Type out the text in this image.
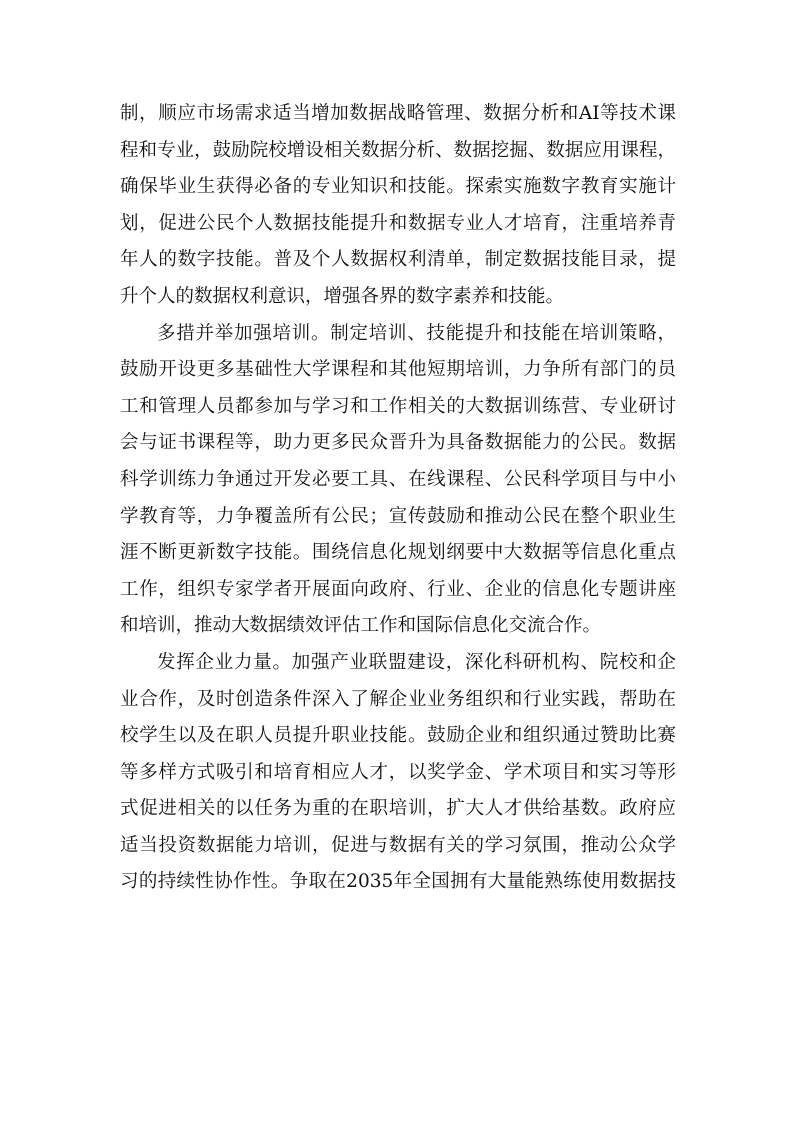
制，顺应市场需求适当增加数据战略管理、数据分析和AI等技术课
程和专业，鼓励院校增设相关数据分析、数据挖掘、数据应用课程，
确保毕业生获得必备的专业知识和技能。探索实施数字教育实施计
划，促进公民个人数据技能提升和数据专业人才培育，注重培养青
年人的数字技能。普及个人数据权利清单，制定数据技能目录，提
升个人的数据权利意识，增强各界的数字素养和技能。
多措并举加强培训。制定培训、技能提升和技能在培训策略，
鼓励开设更多基础性大学课程和其他短期培训，力争所有部门的员
工和管理人员都参加与学习和工作相关的大数据训练营、专业研讨
会与证书课程等，助力更多民众晋升为具备数据能力的公民。数据
科学训练力争通过开发必要工具、在线课程、公民科学项目与中小
学教育等，力争覆盖所有公民；宣传鼓励和推动公民在整个职业生
涯不断更新数字技能。围绕信息化规划纲要中大数据等信息化重点
工作，组织专家学者开展面向政府、行业、企业的信息化专题讲座
和培训，推动大数据绩效评估工作和国际信息化交流合作。
发挥企业力量。加强产业联盟建设，深化科研机构、院校和企
业合作，及时创造条件深入了解企业业务组织和行业实践，帮助在
校学生以及在职人员提升职业技能。鼓励企业和组织通过赞助比赛
等多样方式吸引和培育相应人才，以奖学金、学术项目和实习等形
式促进相关的以任务为重的在职培训，扩大人才供给基数。政府应
适当投资数据能力培训，促进与数据有关的学习氛围，推动公众学
习的持续性协作性。争取在2035年全国拥有大量能熟练使用数据技
